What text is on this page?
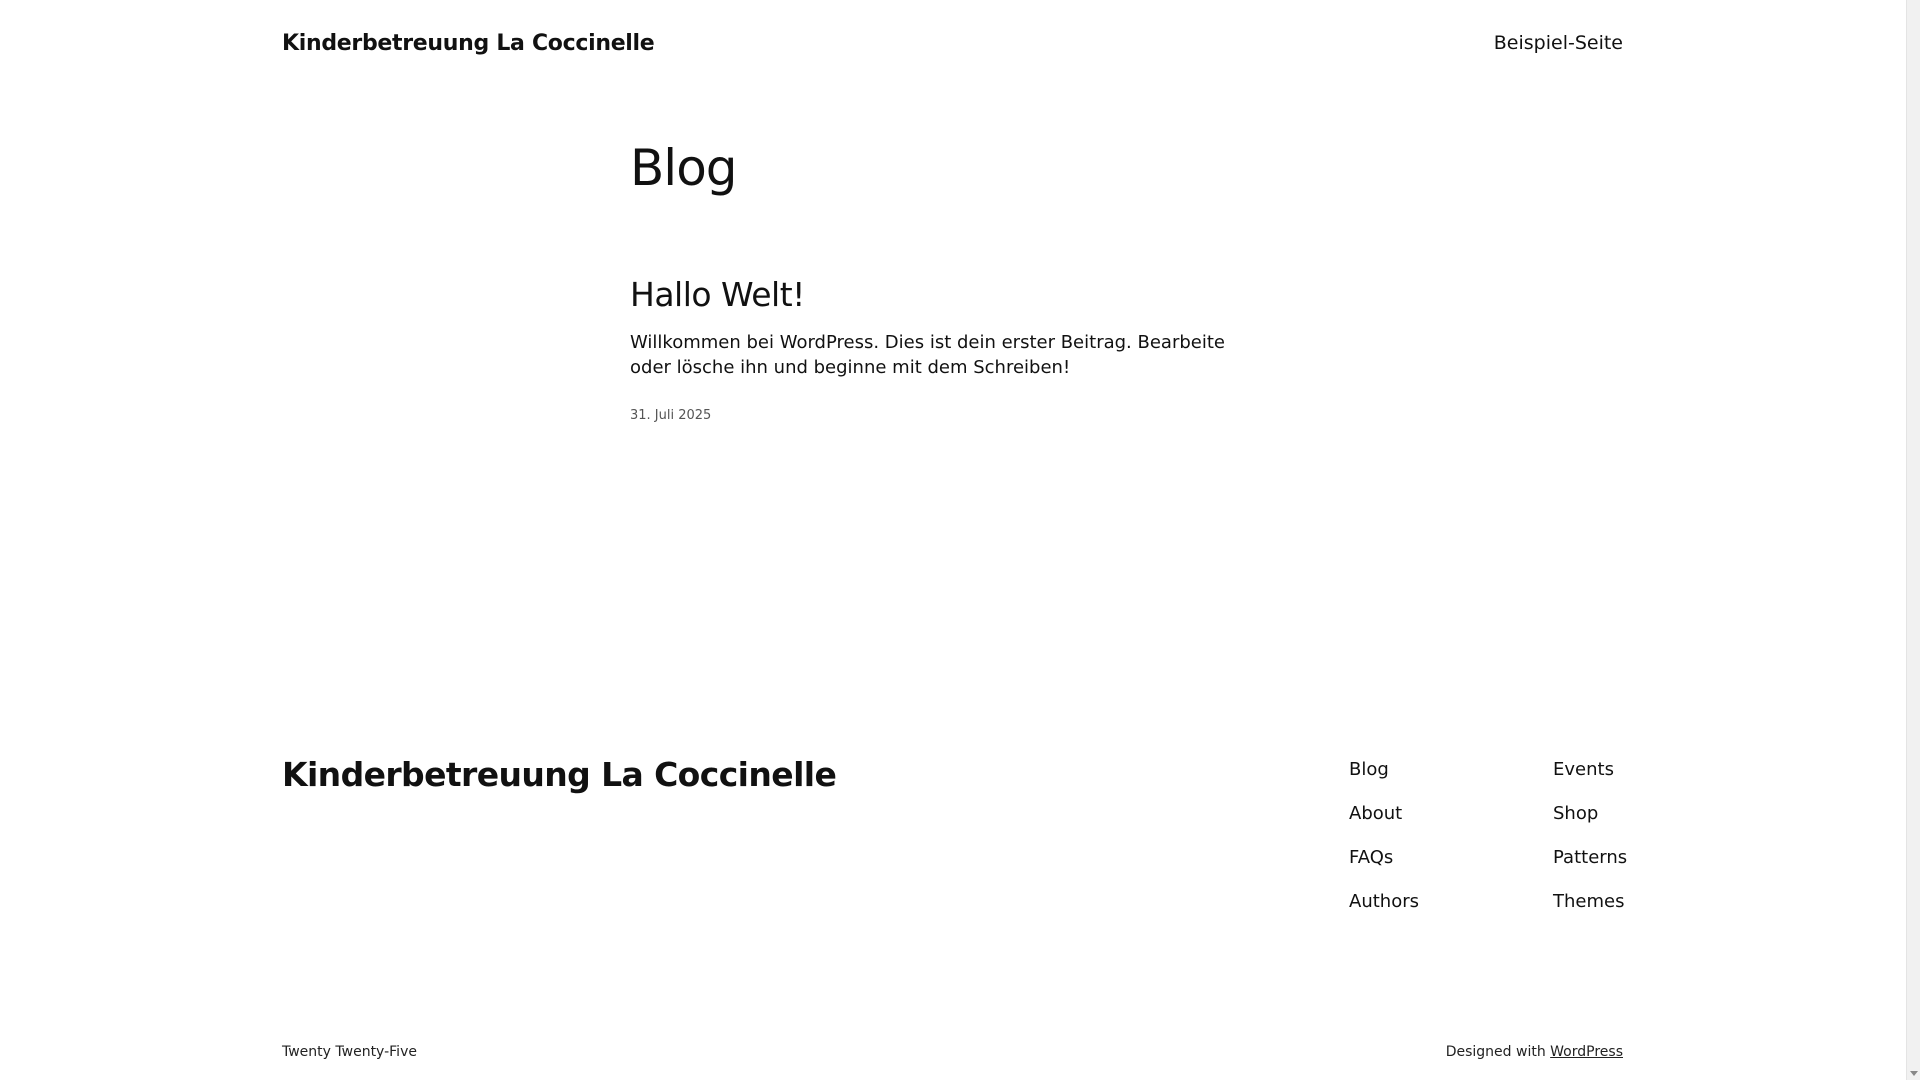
Kinderbetreuung La Coccinelle	Beispiel-Seite
Blog
Hallo Welt!

Willkommen bei WordPress. Dies ist dein erster Beitrag. Bearbeite oder lösche ihn und beginne mit dem Schreiben!

31. Juli 2025
Kinderbetreuung La Coccinelle	Blog
About
FAQs
Authors
Events
Shop
Patterns
Themes
Twenty Twenty-Five	Designed with WordPress
